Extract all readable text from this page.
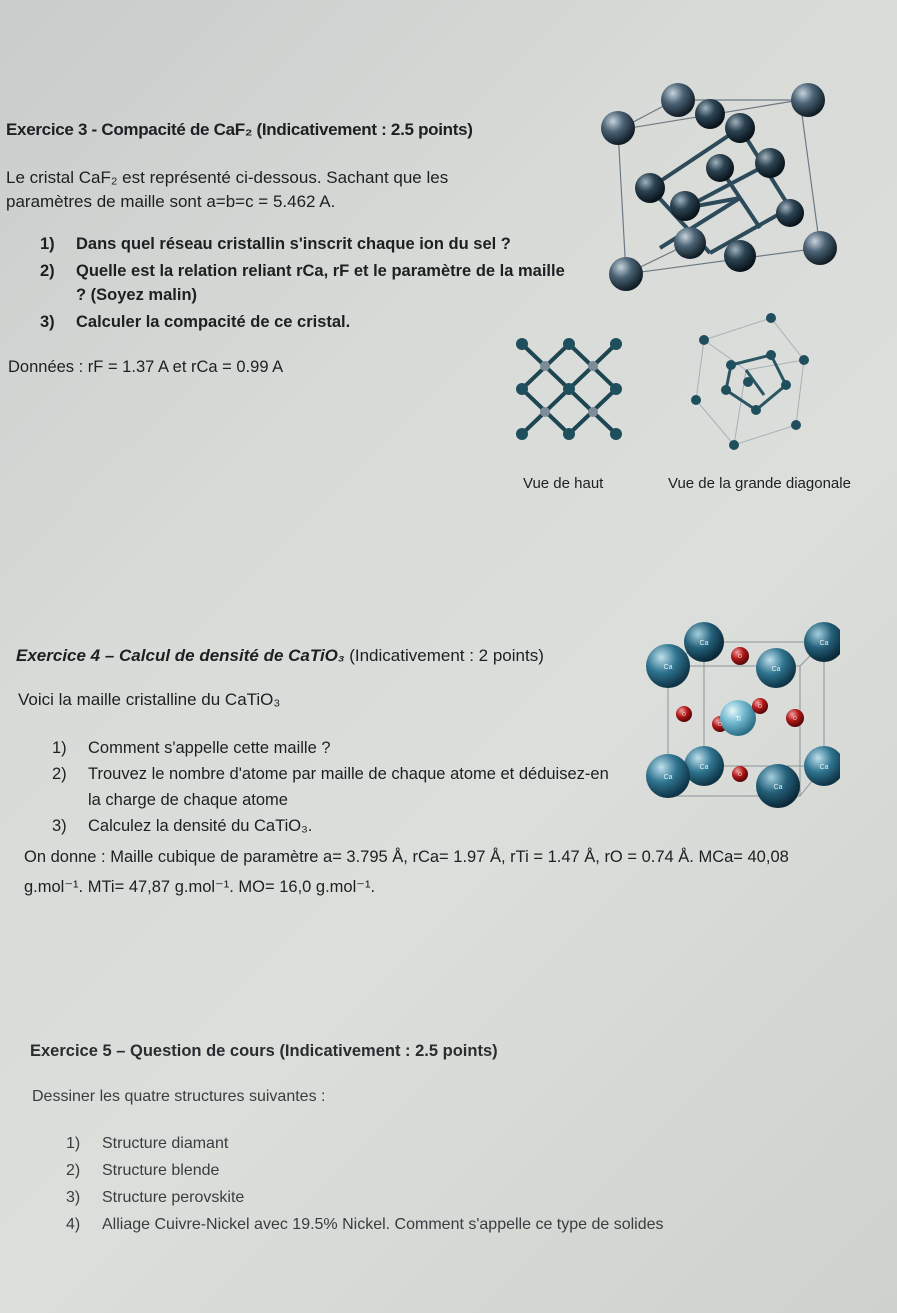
Exercice 3 - Compacité de CaF₂ (Indicativement : 2.5 points)
Le cristal CaF₂ est représenté ci-dessous. Sachant que les
paramètres de maille sont a=b=c = 5.462 A.
1)	Dans quel réseau cristallin s'inscrit chaque ion du sel ?
2)	Quelle est la relation reliant rCa, rF et le paramètre de la maille ? (Soyez malin)
3)	Calculer la compacité de ce cristal.
Données : rF = 1.37 A et rCa = 0.99 A
Vue de haut	Vue de la grande diagonale
Exercice 4 – Calcul de densité de CaTiO₃ (Indicativement : 2 points)
Voici la maille cristalline du CaTiO₃
1)	Comment s'appelle cette maille ?
2)	Trouvez le nombre d'atome par maille de chaque atome et déduisez-en la charge de chaque atome
3)	Calculez la densité du CaTiO₃.
On donne : Maille cubique de paramètre a= 3.795 Å, rCa= 1.97 Å, rTi = 1.47 Å, rO = 0.74 Å. MCa= 40,08 g.mol⁻¹. MTi= 47,87 g.mol⁻¹. MO= 16,0 g.mol⁻¹.
Ca	Ca
Ca	Ca
Ca	Ca
Ca
Ca
Ti
O
O
O
O
O
O
Exercice 5 – Question de cours (Indicativement : 2.5 points)
Dessiner les quatre structures suivantes :
1)	Structure diamant
2)	Structure blende
3)	Structure perovskite
4)	Alliage Cuivre-Nickel avec 19.5% Nickel. Comment s'appelle ce type de solides
